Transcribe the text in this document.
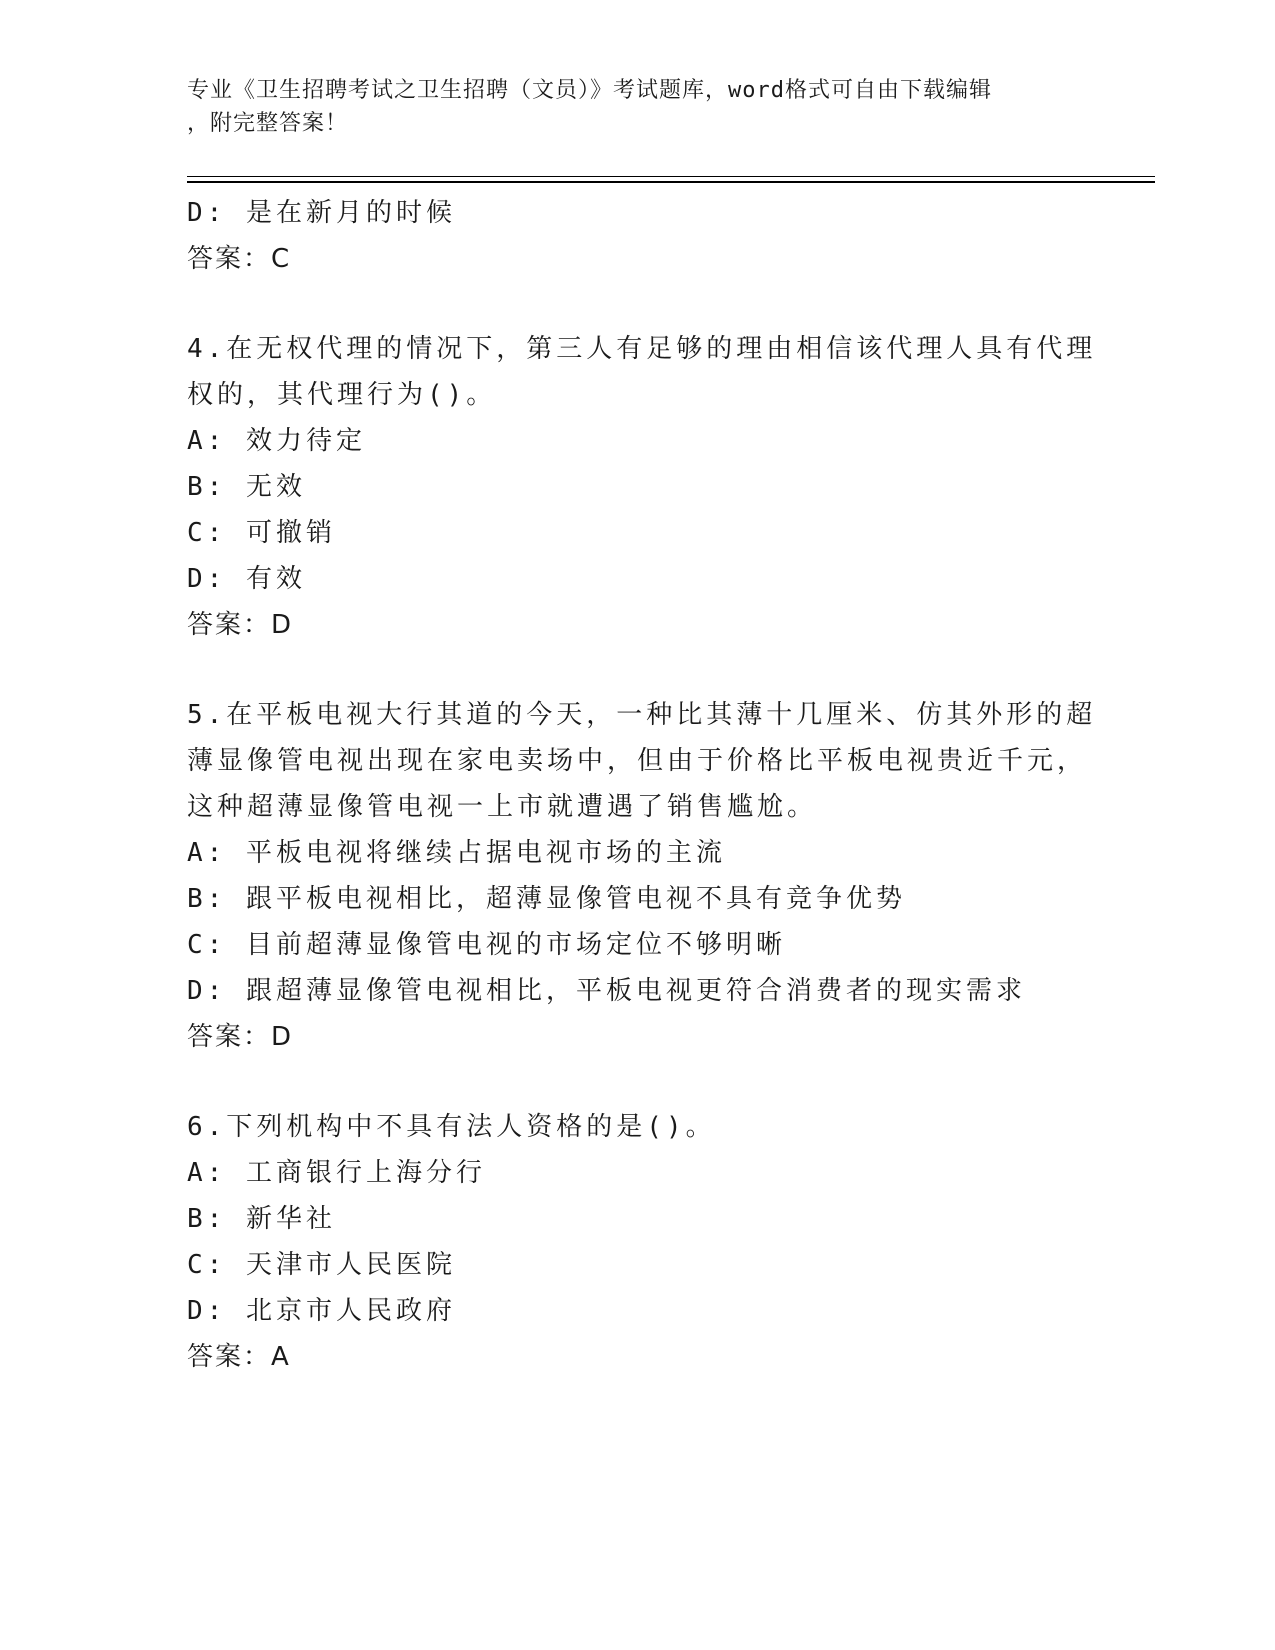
专业《卫生招聘考试之卫生招聘（文员）》考试题库，word格式可自由下载编辑
，附完整答案！
D: 是在新月的时候
答案：C
4.在无权代理的情况下，第三人有足够的理由相信该代理人具有代理
权的，其代理行为()。
A: 效力待定
B: 无效
C: 可撤销
D: 有效
答案：D
5.在平板电视大行其道的今天，一种比其薄十几厘米、仿其外形的超
薄显像管电视出现在家电卖场中，但由于价格比平板电视贵近千元，
这种超薄显像管电视一上市就遭遇了销售尴尬。
A: 平板电视将继续占据电视市场的主流
B: 跟平板电视相比，超薄显像管电视不具有竞争优势
C: 目前超薄显像管电视的市场定位不够明晰
D: 跟超薄显像管电视相比，平板电视更符合消费者的现实需求
答案：D
6.下列机构中不具有法人资格的是()。
A: 工商银行上海分行
B: 新华社
C: 天津市人民医院
D: 北京市人民政府
答案：A
